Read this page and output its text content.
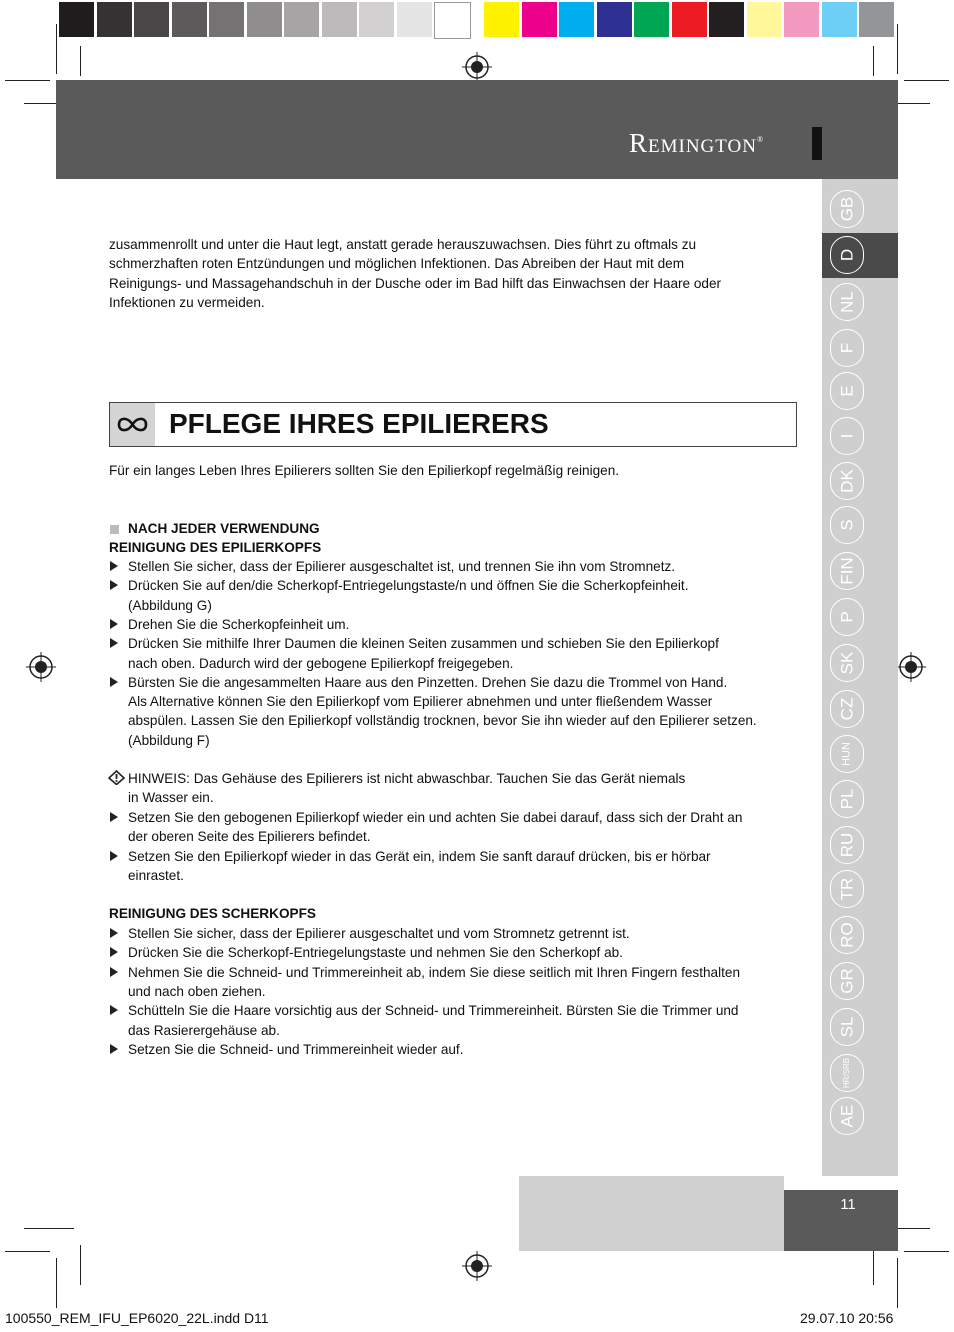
Remington®
GB
D
NL
F
E
I
DK
S
FIN
P
SK
CZ
HUN
PL
RU
TR
RO
GR
SL
HR/SRB
AE
zusammenrollt und unter die Haut legt, anstatt gerade herauszuwachsen. Dies führt zu oftmals zu
schmerzhaften roten Entzündungen und möglichen Infektionen. Das Abreiben der Haut mit dem
Reinigungs- und Massagehandschuh in der Dusche oder im Bad hilft das Einwachsen der Haare oder
Infektionen zu vermeiden.
PFLEGE IHRES EPILIERERS
Für ein langes Leben Ihres Epilierers sollten Sie den Epilierkopf regelmäßig reinigen.
NACH JEDER VERWENDUNG
REINIGUNG DES EPILIERKOPFS
Stellen Sie sicher, dass der Epilierer ausgeschaltet ist, und trennen Sie ihn vom Stromnetz.
Drücken Sie auf den/die Scherkopf-Entriegelungstaste/n und öffnen Sie die Scherkopfeinheit.
(Abbildung G)
Drehen Sie die Scherkopfeinheit um.
Drücken Sie mithilfe Ihrer Daumen die kleinen Seiten zusammen und schieben Sie den Epilierkopf
nach oben. Dadurch wird der gebogene Epilierkopf freigegeben.
Bürsten Sie die angesammelten Haare aus den Pinzetten. Drehen Sie dazu die Trommel von Hand.
Als Alternative können Sie den Epilierkopf vom Epilierer abnehmen und unter fließendem Wasser
abspülen. Lassen Sie den Epilierkopf vollständig trocknen, bevor Sie ihn wieder auf den Epilierer setzen.
(Abbildung F)
HINWEIS: Das Gehäuse des Epilierers ist nicht abwaschbar. Tauchen Sie das Gerät niemals
in Wasser ein.
Setzen Sie den gebogenen Epilierkopf wieder ein und achten Sie dabei darauf, dass sich der Draht an
der oberen Seite des Epilierers befindet.
Setzen Sie den Epilierkopf wieder in das Gerät ein, indem Sie sanft darauf drücken, bis er hörbar
einrastet.
REINIGUNG DES SCHERKOPFS
Stellen Sie sicher, dass der Epilierer ausgeschaltet und vom Stromnetz getrennt ist.
Drücken Sie die Scherkopf-Entriegelungstaste und nehmen Sie den Scherkopf ab.
Nehmen Sie die Schneid- und Trimmereinheit ab, indem Sie diese seitlich mit Ihren Fingern festhalten
und nach oben ziehen.
Schütteln Sie die Haare vorsichtig aus der Schneid- und Trimmereinheit. Bürsten Sie die Trimmer und
das Rasierergehäuse ab.
Setzen Sie die Schneid- und Trimmereinheit wieder auf.
11
100550_REM_IFU_EP6020_22L.indd D11	29.07.10 20:56
